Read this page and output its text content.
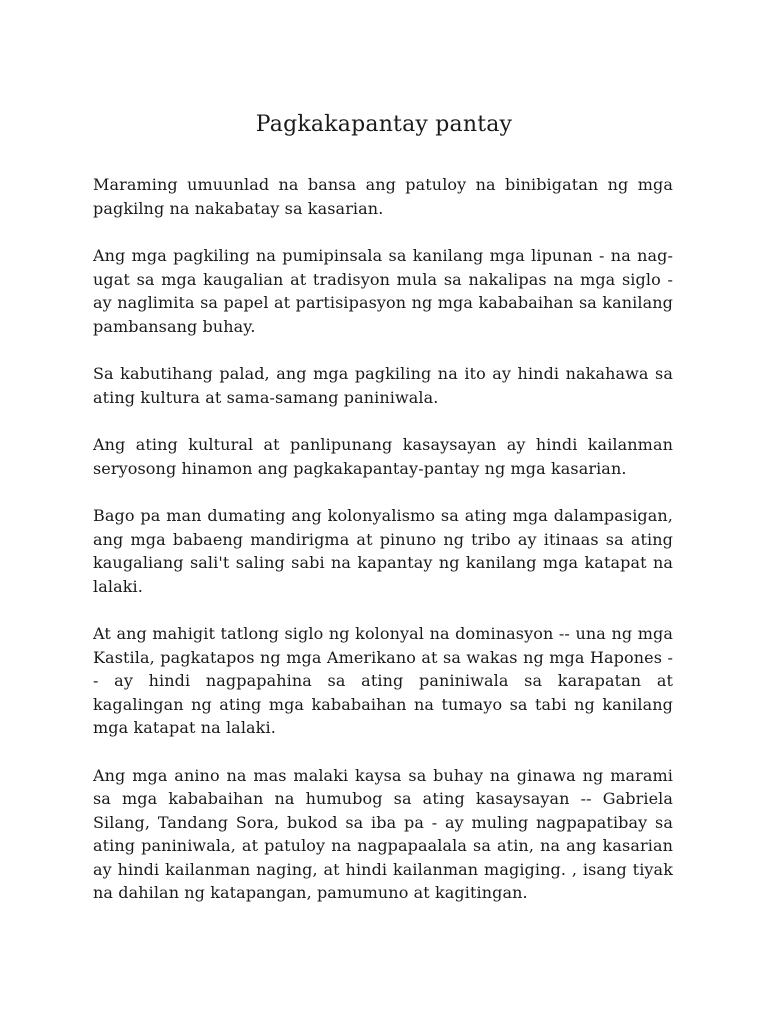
Pagkakapantay pantay

Maraming umuunlad na bansa ang patuloy na binibigatan ng mga pagkilng na nakabatay sa kasarian.

Ang mga pagkiling na pumipinsala sa kanilang mga lipunan - na nag-ugat sa mga kaugalian at tradisyon mula sa nakalipas na mga siglo - ay naglimita sa papel at partisipasyon ng mga kababaihan sa kanilang pambansang buhay.

Sa kabutihang palad, ang mga pagkiling na ito ay hindi nakahawa sa ating kultura at sama-samang paniniwala.

Ang ating kultural at panlipunang kasaysayan ay hindi kailanman seryosong hinamon ang pagkakapantay-pantay ng mga kasarian.

Bago pa man dumating ang kolonyalismo sa ating mga dalampasigan, ang mga babaeng mandirigma at pinuno ng tribo ay itinaas sa ating kaugaliang sali't saling sabi na kapantay ng kanilang mga katapat na lalaki.

At ang mahigit tatlong siglo ng kolonyal na dominasyon -- una ng mga Kastila, pagkatapos ng mga Amerikano at sa wakas ng mga Hapones -- ay hindi nagpapahina sa ating paniniwala sa karapatan at kagalingan ng ating mga kababaihan na tumayo sa tabi ng kanilang mga katapat na lalaki.

Ang mga anino na mas malaki kaysa sa buhay na ginawa ng marami sa mga kababaihan na humubog sa ating kasaysayan -- Gabriela Silang, Tandang Sora, bukod sa iba pa - ay muling nagpapatibay sa ating paniniwala, at patuloy na nagpapaalala sa atin, na ang kasarian ay hindi kailanman naging, at hindi kailanman magiging. , isang tiyak na dahilan ng katapangan, pamumuno at kagitingan.
